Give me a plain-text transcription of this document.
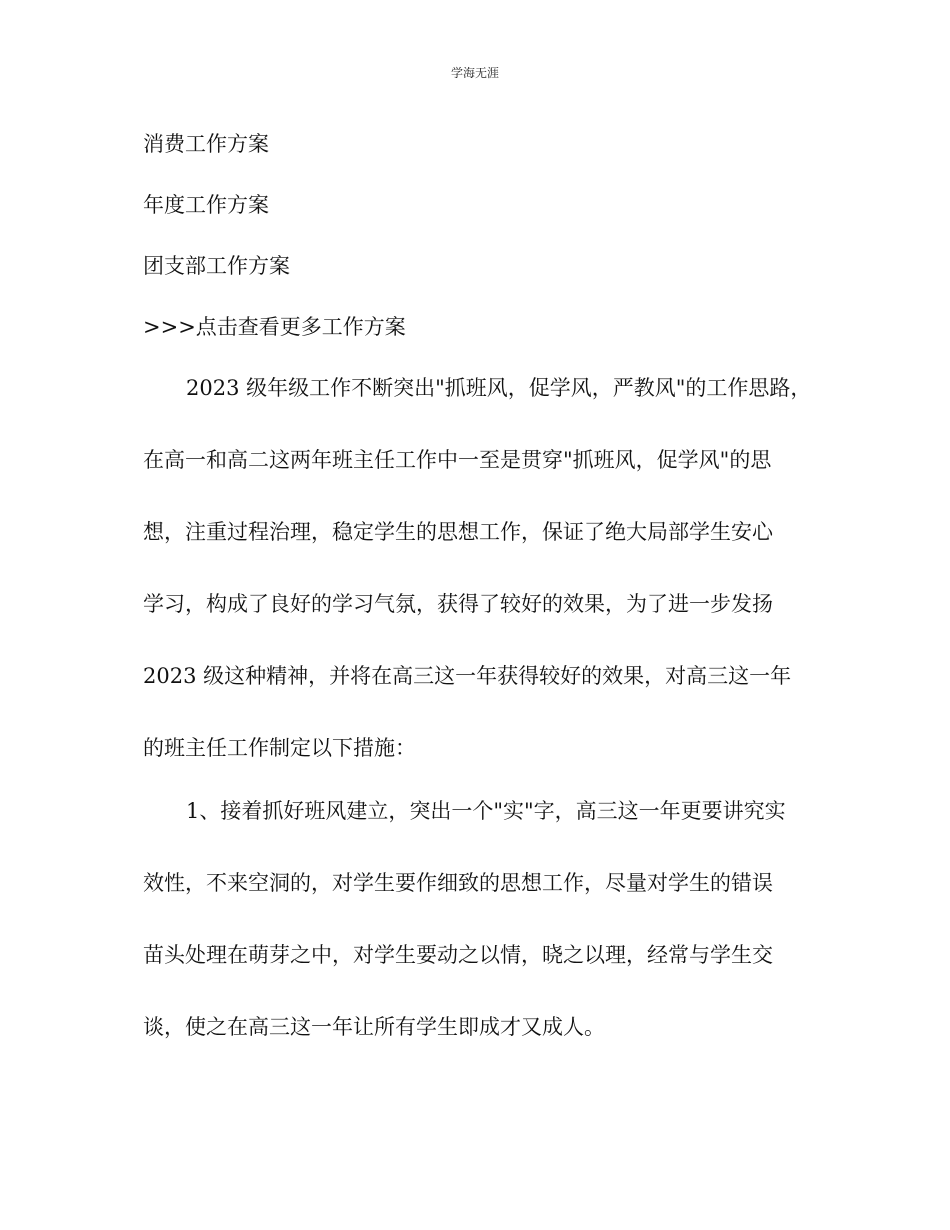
学海无涯
消费工作方案
年度工作方案
团支部工作方案
>>>点击查看更多工作方案
2023 级年级工作不断突出"抓班风，促学风，严教风"的工作思路，
在高一和高二这两年班主任工作中一至是贯穿"抓班风，促学风"的思
想，注重过程治理，稳定学生的思想工作，保证了绝大局部学生安心
学习，构成了良好的学习气氛，获得了较好的效果，为了进一步发扬
2023 级这种精神，并将在高三这一年获得较好的效果，对高三这一年
的班主任工作制定以下措施：
1、接着抓好班风建立，突出一个"实"字，高三这一年更要讲究实
效性，不来空洞的，对学生要作细致的思想工作，尽量对学生的错误
苗头处理在萌芽之中，对学生要动之以情，晓之以理，经常与学生交
谈，使之在高三这一年让所有学生即成才又成人。
